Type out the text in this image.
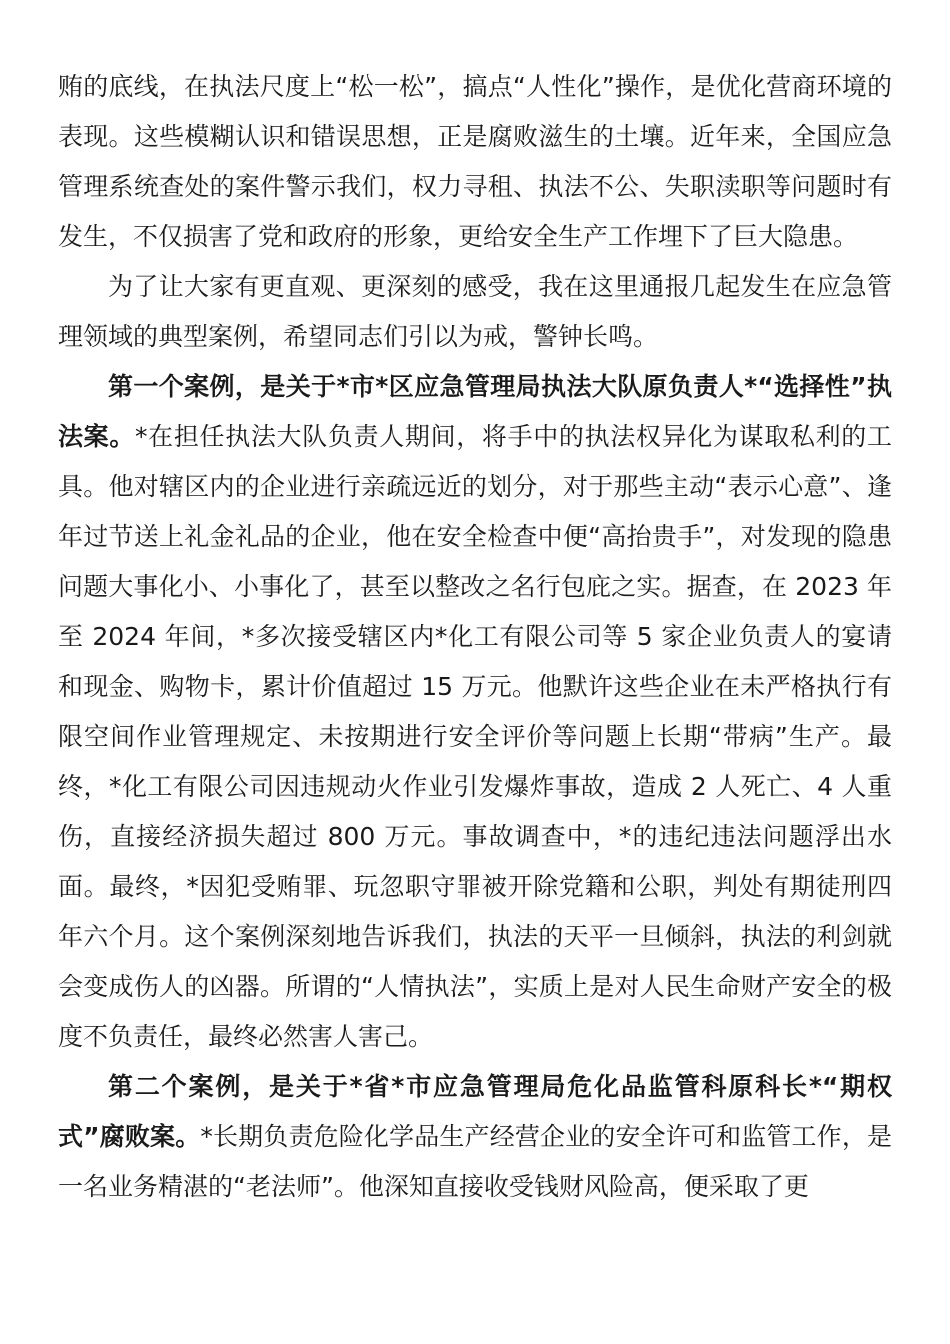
贿的底线，在执法尺度上“松一松”，搞点“人性化”操作，是优化营商环境的表现。这些模糊认识和错误思想，正是腐败滋生的土壤。近年来，全国应急管理系统查处的案件警示我们，权力寻租、执法不公、失职渎职等问题时有发生，不仅损害了党和政府的形象，更给安全生产工作埋下了巨大隐患。

为了让大家有更直观、更深刻的感受，我在这里通报几起发生在应急管理领域的典型案例，希望同志们引以为戒，警钟长鸣。

第一个案例，是关于*市*区应急管理局执法大队原负责人*“选择性”执法案。*在担任执法大队负责人期间，将手中的执法权异化为谋取私利的工具。他对辖区内的企业进行亲疏远近的划分，对于那些主动“表示心意”、逢年过节送上礼金礼品的企业，他在安全检查中便“高抬贵手”，对发现的隐患问题大事化小、小事化了，甚至以整改之名行包庇之实。据查，在 2023 年至 2024 年间，*多次接受辖区内*化工有限公司等 5 家企业负责人的宴请和现金、购物卡，累计价值超过 15 万元。他默许这些企业在未严格执行有限空间作业管理规定、未按期进行安全评价等问题上长期“带病”生产。最终，*化工有限公司因违规动火作业引发爆炸事故，造成 2 人死亡、4 人重伤，直接经济损失超过 800 万元。事故调查中，*的违纪违法问题浮出水面。最终，*因犯受贿罪、玩忽职守罪被开除党籍和公职，判处有期徒刑四年六个月。这个案例深刻地告诉我们，执法的天平一旦倾斜，执法的利剑就会变成伤人的凶器。所谓的“人情执法”，实质上是对人民生命财产安全的极度不负责任，最终必然害人害己。

第二个案例，是关于*省*市应急管理局危化品监管科原科长*“期权式”腐败案。*长期负责危险化学品生产经营企业的安全许可和监管工作，是一名业务精湛的“老法师”。他深知直接收受钱财风险高，便采取了更
